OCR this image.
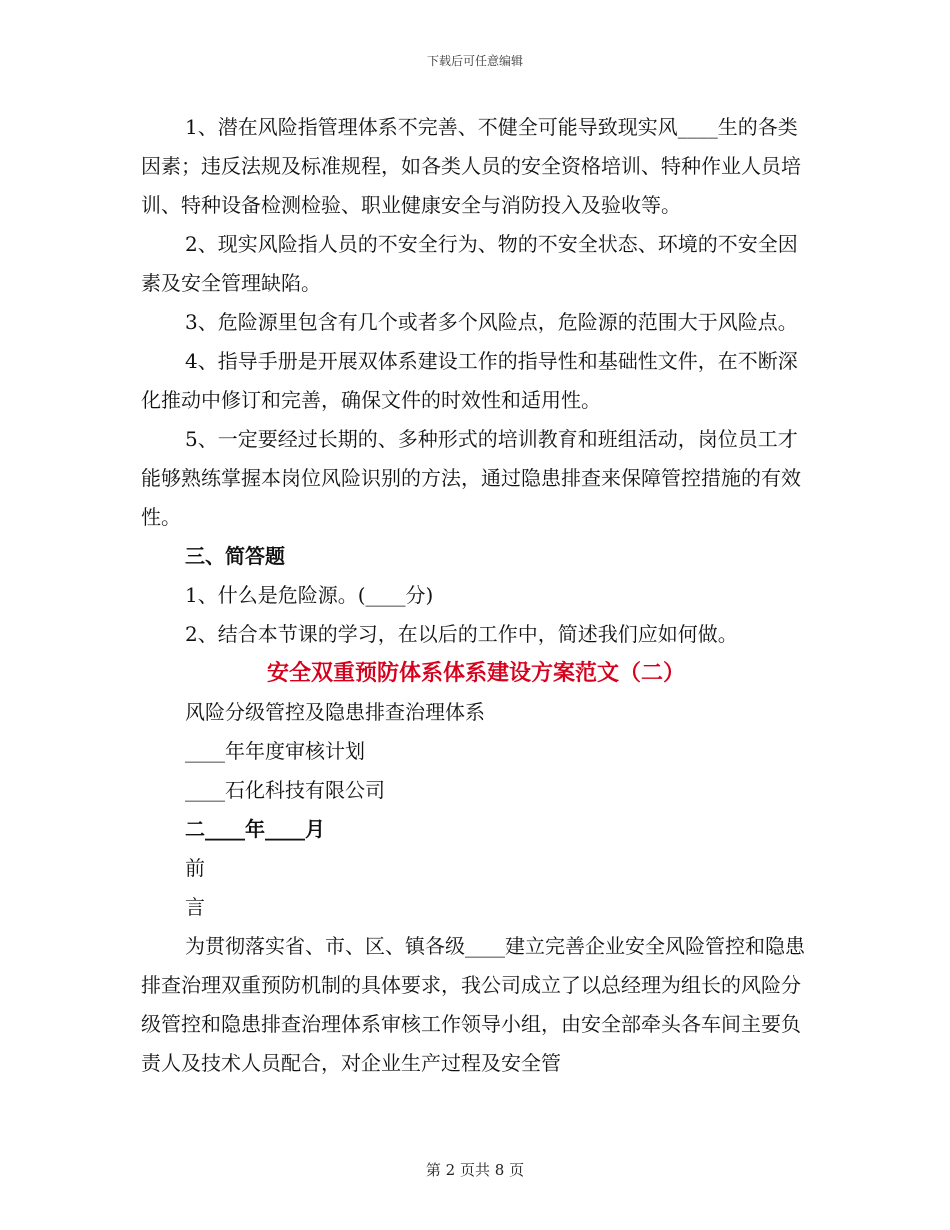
下载后可任意编辑

1、潜在风险指管理体系不完善、不健全可能导致现实风____生的各类因素；违反法规及标准规程，如各类人员的安全资格培训、特种作业人员培训、特种设备检测检验、职业健康安全与消防投入及验收等。

2、现实风险指人员的不安全行为、物的不安全状态、环境的不安全因素及安全管理缺陷。

3、危险源里包含有几个或者多个风险点，危险源的范围大于风险点。

4、指导手册是开展双体系建设工作的指导性和基础性文件，在不断深化推动中修订和完善，确保文件的时效性和适用性。

5、一定要经过长期的、多种形式的培训教育和班组活动，岗位员工才能够熟练掌握本岗位风险识别的方法，通过隐患排查来保障管控措施的有效性。

三、简答题

1、什么是危险源。(____分)

2、结合本节课的学习，在以后的工作中，简述我们应如何做。

安全双重预防体系体系建设方案范文（二）

风险分级管控及隐患排查治理体系

____年年度审核计划

____石化科技有限公司

二____年____月

前

言

为贯彻落实省、市、区、镇各级____建立完善企业安全风险管控和隐患排查治理双重预防机制的具体要求，我公司成立了以总经理为组长的风险分级管控和隐患排查治理体系审核工作领导小组，由安全部牵头各车间主要负责人及技术人员配合，对企业生产过程及安全管

第 2 页共 8 页
